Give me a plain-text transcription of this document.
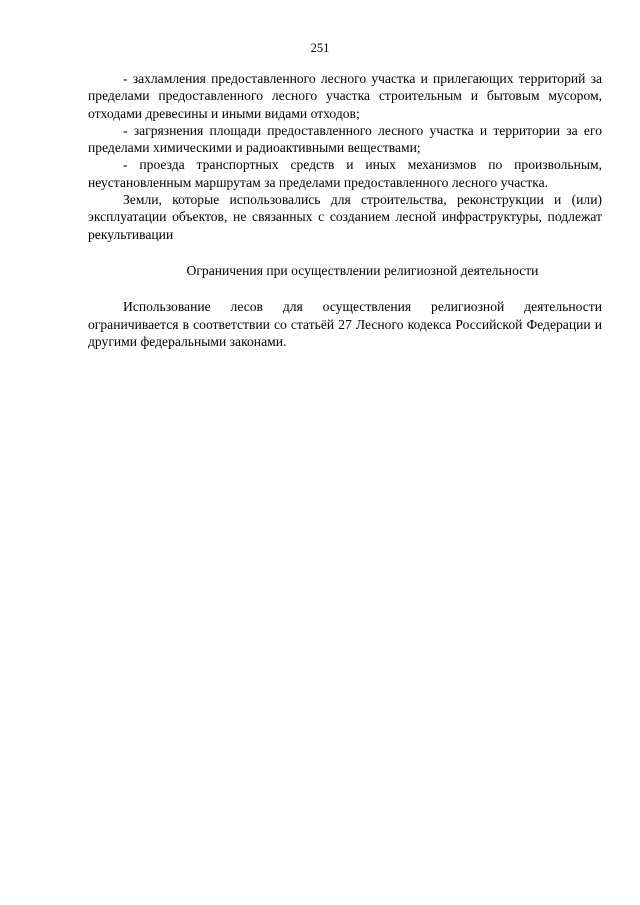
251

- захламления предоставленного лесного участка и прилегающих территорий за пределами предоставленного лесного участка строительным и бытовым мусором, отходами древесины и иными видами отходов;

- загрязнения площади предоставленного лесного участка и территории за его пределами химическими и радиоактивными веществами;

- проезда транспортных средств и иных механизмов по произвольным, неустановленным маршрутам за пределами предоставленного лесного участка.

Земли, которые использовались для строительства, реконструкции и (или) эксплуатации объектов, не связанных с созданием лесной инфраструктуры, подлежат рекультивации

Ограничения при осуществлении религиозной деятельности

Использование лесов для осуществления религиозной деятельности ограничивается в соответствии со статьёй 27 Лесного кодекса Российской Федерации и другими федеральными законами.
